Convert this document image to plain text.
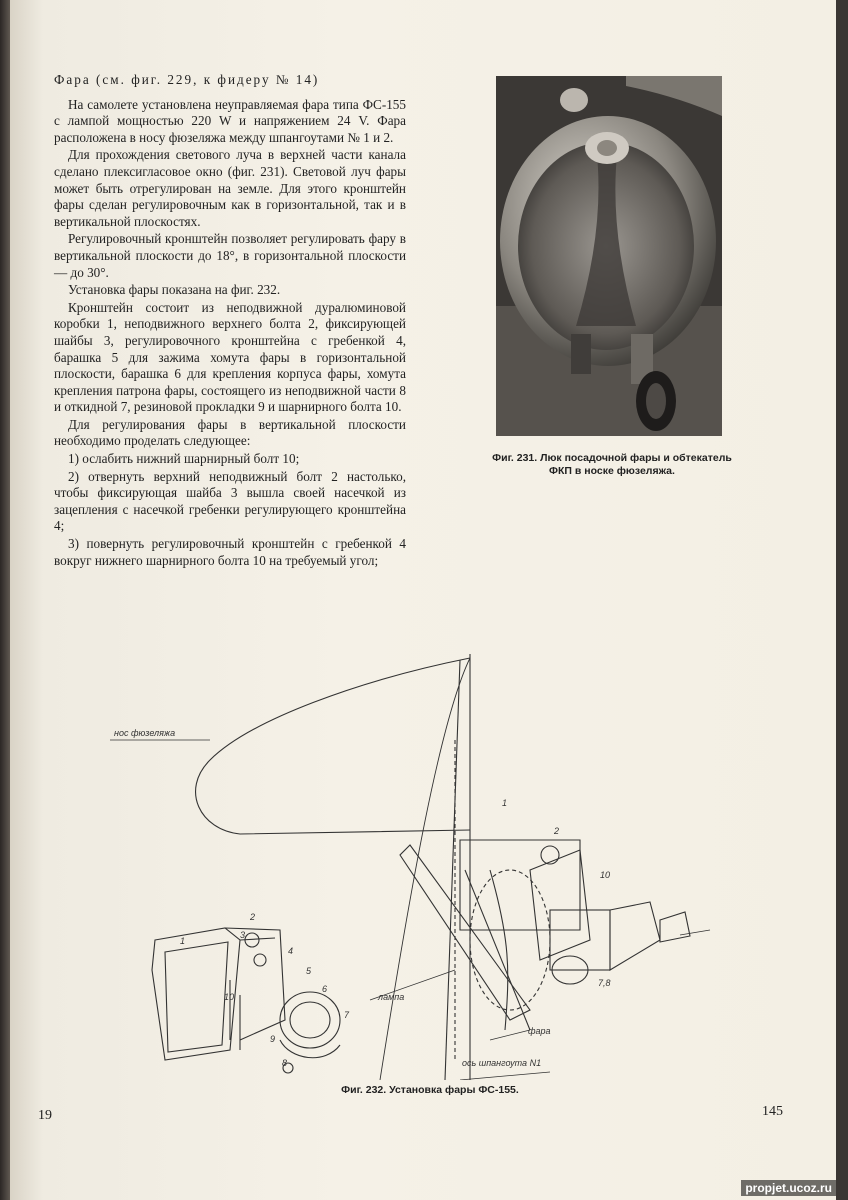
Фара (см. фиг. 229, к фидеру № 14)

На самолете установлена неуправляемая фара типа ФС-155 с лампой мощностью 220 W и напряжением 24 V. Фара расположена в носу фюзеляжа между шпангоутами № 1 и 2.

Для прохождения светового луча в верхней части канала сделано плексигласовое окно (фиг. 231). Световой луч фары может быть отрегулирован на земле. Для этого кронштейн фары сделан регулировочным как в горизонтальной, так и в вертикальной плоскостях.

Регулировочный кронштейн позволяет регулировать фару в вертикальной плоскости до 18°, в горизонтальной плоскости — до 30°.

Установка фары показана на фиг. 232.

Кронштейн состоит из неподвижной дуралюминовой коробки 1, неподвижного верхнего болта 2, фиксирующей шайбы 3, регулировочного кронштейна с гребенкой 4, барашка 5 для зажима хомута фары в горизонтальной плоскости, барашка 6 для крепления корпуса фары, хомута крепления патрона фары, состоящего из неподвижной части 8 и откидной 7, резиновой прокладки 9 и шарнирного болта 10.

Для регулирования фары в вертикальной плоскости необходимо проделать следующее:

1) ослабить нижний шарнирный болт 10;

2) отвернуть верхний неподвижный болт 2 настолько, чтобы фиксирующая шайба 3 вышла своей насечкой из зацепления с насечкой гребенки регулирующего кронштейна 4;

3) повернуть регулировочный кронштейн с гребенкой 4 вокруг нижнего шарнирного болта 10 на требуемый угол;

Фиг. 231. Люк посадочной фары и обтекатель
ФКП в носке фюзеляжа.
нос фюзеляжа
лампа
фара
ось шпангоута N1
1
2
3
4
5
6
7
8
9
10
1
2
10
7,8
Фиг. 232. Установка фары ФС-155.
19	145
propjet.ucoz.ru
